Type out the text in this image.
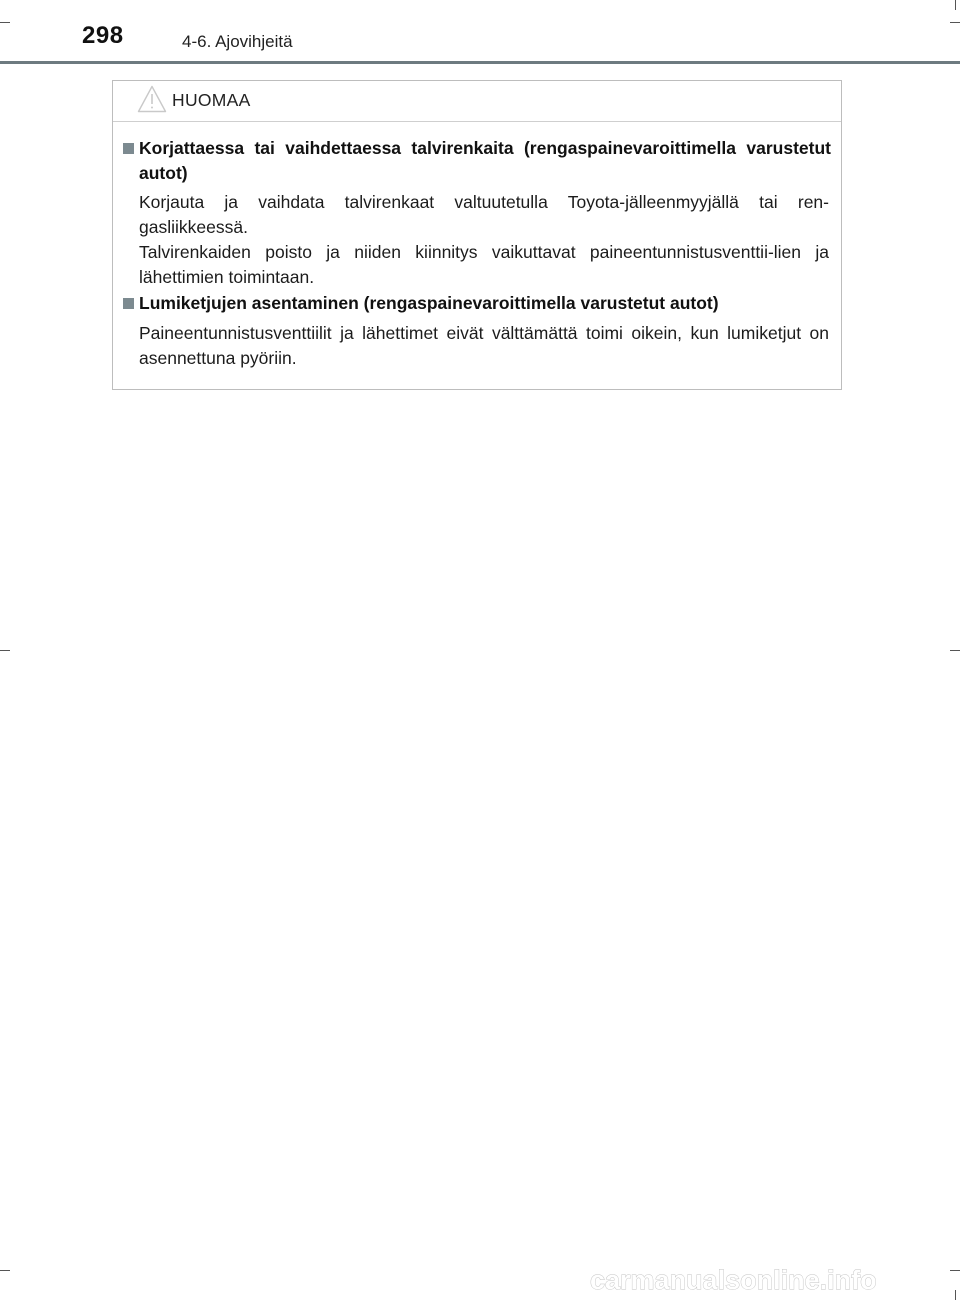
298	4-6. Ajovihjeitä
HUOMAA
Korjattaessa tai vaihdettaessa talvirenkaita (rengaspainevaroittimella varustetut autot)
Korjauta ja vaihdata talvirenkaat valtuutetulla Toyota-jälleenmyyjällä tai ren-gasliikkeessä.
Talvirenkaiden poisto ja niiden kiinnitys vaikuttavat paineentunnistusventtii-lien ja lähettimien toimintaan.
Lumiketjujen asentaminen (rengaspainevaroittimella varustetut autot)
Paineentunnistusventtiilit ja lähettimet eivät välttämättä toimi oikein, kun lumiketjut on asennettuna pyöriin.
carmanualsonline.info
